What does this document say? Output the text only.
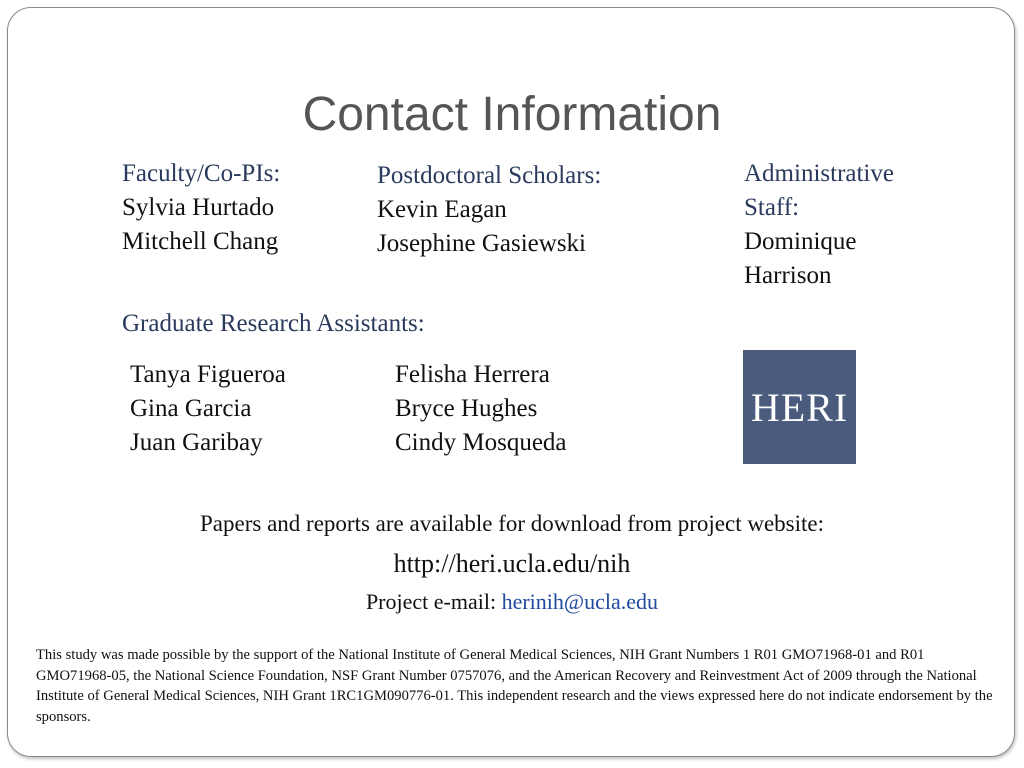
Contact Information
Faculty/Co-PIs:
Sylvia Hurtado
Mitchell Chang
Postdoctoral Scholars:
Kevin Eagan
Josephine Gasiewski
Administrative
Staff:
Dominique
Harrison
Graduate Research Assistants:
Tanya Figueroa
Gina Garcia
Juan Garibay
Felisha Herrera
Bryce Hughes
Cindy Mosqueda
HERI
Papers and reports are available for download from project website:
http://heri.ucla.edu/nih
Project e-mail: herinih@ucla.edu
This study was made possible by the support of the National Institute of General Medical Sciences, NIH Grant Numbers 1 R01 GMO71968-01 and R01 GMO71968-05, the National Science Foundation, NSF Grant Number 0757076, and the American Recovery and Reinvestment Act of 2009 through the National Institute of General Medical Sciences, NIH Grant 1RC1GM090776-01. This independent research and the views expressed here do not indicate endorsement by the sponsors.
